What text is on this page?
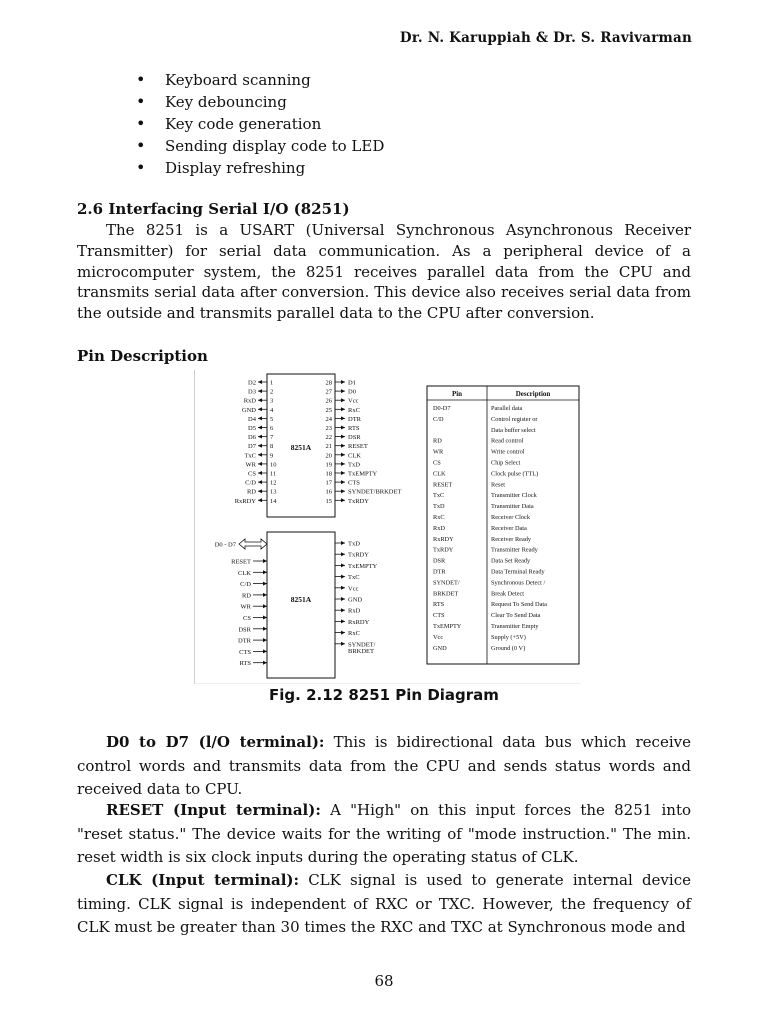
Dr. N. Karuppiah & Dr. S. Ravivarman
• Keyboard scanning
• Key debouncing
• Key code generation
• Sending display code to LED
• Display refreshing
2.6 Interfacing Serial I/O (8251)

The 8251 is a USART (Universal Synchronous Asynchronous Receiver Transmitter) for serial data communication. As a peripheral device of a microcomputer system, the 8251 receives parallel data from the CPU and transmits serial data after conversion. This device also receives serial data from the outside and transmits parallel data to the CPU after conversion.

Pin Description
8251A
1
D2
2
D3
3
RxD
4
GND
5
D4
6
D5
7
D6
8
D7
9
TxC
10
WR
11
CS
12
C/D
13
RD
14
RxRDY
28 D1
27 D0
26 Vcc
25 RxC
24 DTR
23 RTS
22 DSR
21 RESET
20 CLK
19 TxD
18 TxEMPTY
17 CTS
16 SYNDET/BRKDET
15 TxRDY
8251A
D0 - D7
RESET
CLK
C/D
RD
WR
CS
DSR
DTR
CTS
RTS
TxD
TxRDY
TxEMPTY
TxC
Vcc
GND
RxD
RxRDY
RxC
SYNDET/
BRKDET
Pin	Description
D0-D7	Parallel data
C/D	Control register or
Data buffer select
RD	Read control
WR	Write control
CS	Chip Select
CLK	Clock pulse (TTL)
RESET	Reset
TxC	Transmitter Clock
TxD	Transmitter Data
RxC	Receiver Clock
RxD	Receiver Data
RxRDY	Receiver Ready
TxRDY	Transmitter Ready
DSR	Data Set Ready
DTR	Data Terminal Ready
SYNDET/	Synchronous Detect /
BRKDET	Break Detect
RTS	Request To Send Data
CTS	Clear To Send Data
TxEMPTY	Transmitter Empty
Vcc	Supply (+5V)
GND	Ground (0 V)
Fig. 2.12 8251 Pin Diagram

D0 to D7 (l/O terminal): This is bidirectional data bus which receive control words and transmits data from the CPU and sends status words and received data to CPU.

RESET (Input terminal): A "High" on this input forces the 8251 into "reset status." The device waits for the writing of "mode instruction." The min. reset width is six clock inputs during the operating status of CLK.

CLK (Input terminal): CLK signal is used to generate internal device timing. CLK signal is independent of RXC or TXC. However, the frequency of CLK must be greater than 30 times the RXC and TXC at Synchronous mode and

68
